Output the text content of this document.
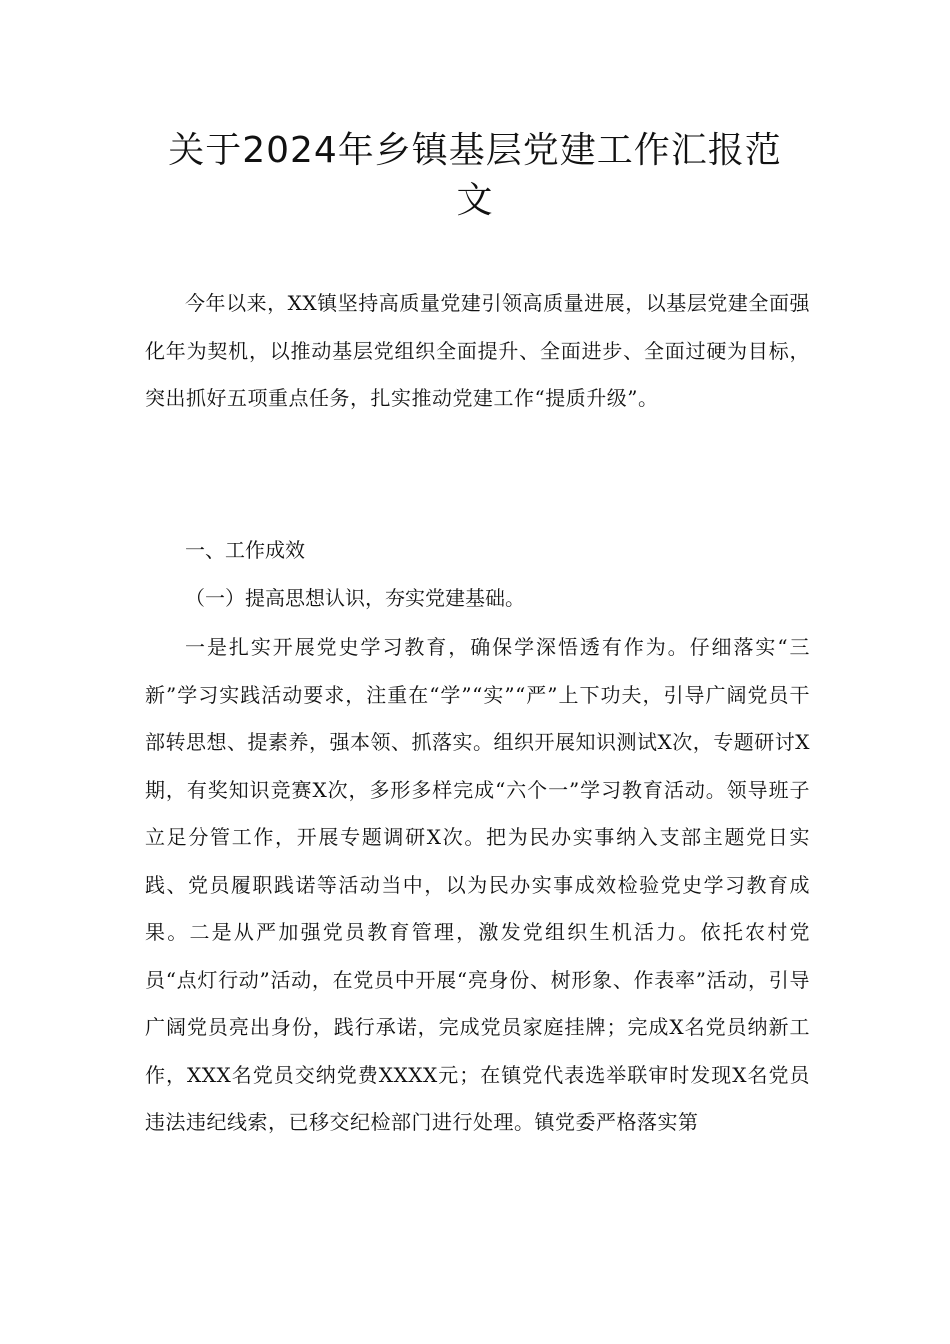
关于2024年乡镇基层党建工作汇报范
文

今年以来，XX镇坚持高质量党建引领高质量进展，以基层党建全面强化年为契机，以推动基层党组织全面提升、全面进步、全面过硬为目标， 突出抓好五项重点任务，扎实推动党建工作“提质升级”。

一、工作成效

（一）提高思想认识，夯实党建基础。

一是扎实开展党史学习教育，确保学深悟透有作为。仔细落实“三新”学习实践活动要求，注重在“学”“实”“严”上下功夫，引导广阔党员干部转思想、提素养，强本领、抓落实。组织开展知识测试X次，专题研讨X期，有奖知识竞赛X次，多形多样完成“六个一”学习教育活动。领导班子立足分管工作，开展专题调研X次。把为民办实事纳入支部主题党日实践、党员履职践诺等活动当中，以为民办实事成效检验党史学习教育成果。二是从严加强党员教育管理，激发党组织生机活力。依托农村党员“点灯行动”活动，在党员中开展“亮身份、树形象、作表率”活动，引导广阔党员亮出身份，践行承诺，完成党员家庭挂牌；完成X名党员纳新工作，XXX名党员交纳党费XXXX元；在镇党代表选举联审时发现X名党员违法违纪线索，已移交纪检部门进行处理。镇党委严格落实第
